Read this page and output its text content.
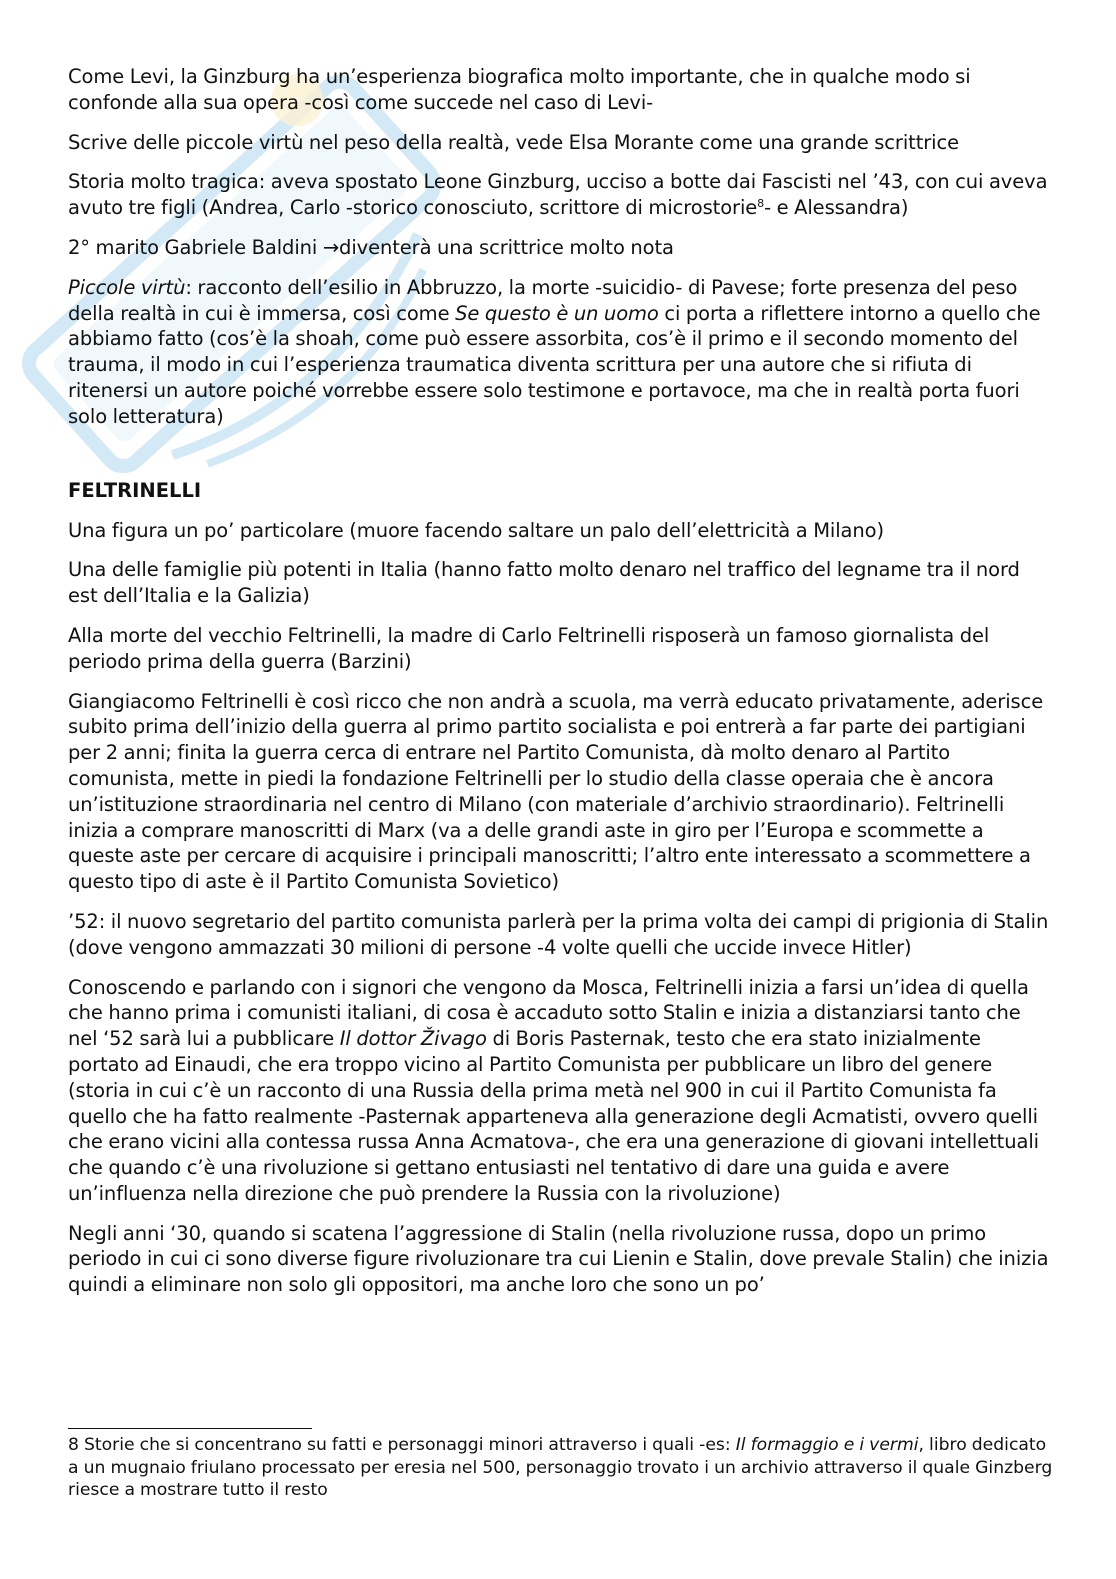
Come Levi, la Ginzburg ha un’esperienza biografica molto importante, che in qualche modo si confonde alla sua opera -così come succede nel caso di Levi-

Scrive delle piccole virtù nel peso della realtà, vede Elsa Morante come una grande scrittrice

Storia molto tragica: aveva spostato Leone Ginzburg, ucciso a botte dai Fascisti nel ’43, con cui aveva avuto tre figli (Andrea, Carlo -storico conosciuto, scrittore di microstorie$^8$- e Alessandra)

2° marito Gabriele Baldini →diventerà una scrittrice molto nota

Piccole virtù: racconto dell’esilio in Abbruzzo, la morte -suicidio- di Pavese; forte presenza del peso della realtà in cui è immersa, così come Se questo è un uomo ci porta a riflettere intorno a quello che abbiamo fatto (cos’è la shoah, come può essere assorbita, cos’è il primo e il secondo momento del trauma, il modo in cui l’esperienza traumatica diventa scrittura per una autore che si rifiuta di ritenersi un autore poiché vorrebbe essere solo testimone e portavoce, ma che in realtà porta fuori solo letteratura)

FELTRINELLI

Una figura un po’ particolare (muore facendo saltare un palo dell’elettricità a Milano)

Una delle famiglie più potenti in Italia (hanno fatto molto denaro nel traffico del legname tra il nord est dell’Italia e la Galizia)

Alla morte del vecchio Feltrinelli, la madre di Carlo Feltrinelli risposerà un famoso giornalista del periodo prima della guerra (Barzini)

Giangiacomo Feltrinelli è così ricco che non andrà a scuola, ma verrà educato privatamente, aderisce subito prima dell’inizio della guerra al primo partito socialista e poi entrerà a far parte dei partigiani per 2 anni; finita la guerra cerca di entrare nel Partito Comunista, dà molto denaro al Partito comunista, mette in piedi la fondazione Feltrinelli per lo studio della classe operaia che è ancora un’istituzione straordinaria nel centro di Milano (con materiale d’archivio straordinario). Feltrinelli inizia a comprare manoscritti di Marx (va a delle grandi aste in giro per l’Europa e scommette a queste aste per cercare di acquisire i principali manoscritti; l’altro ente interessato a scommettere a questo tipo di aste è il Partito Comunista Sovietico)

’52: il nuovo segretario del partito comunista parlerà per la prima volta dei campi di prigionia di Stalin (dove vengono ammazzati 30 milioni di persone -4 volte quelli che uccide invece Hitler)

Conoscendo e parlando con i signori che vengono da Mosca, Feltrinelli inizia a farsi un’idea di quella che hanno prima i comunisti italiani, di cosa è accaduto sotto Stalin e inizia a distanziarsi tanto che nel ‘52 sarà lui a pubblicare Il dottor Živago di Boris Pasternak, testo che era stato inizialmente portato ad Einaudi, che era troppo vicino al Partito Comunista per pubblicare un libro del genere (storia in cui c’è un racconto di una Russia della prima metà nel 900 in cui il Partito Comunista fa quello che ha fatto realmente -Pasternak apparteneva alla generazione degli Acmatisti, ovvero quelli che erano vicini alla contessa russa Anna Acmatova-, che era una generazione di giovani intellettuali che quando c’è una rivoluzione si gettano entusiasti nel tentativo di dare una guida e avere un’influenza nella direzione che può prendere la Russia con la rivoluzione)

Negli anni ‘30, quando si scatena l’aggressione di Stalin (nella rivoluzione russa, dopo un primo periodo in cui ci sono diverse figure rivoluzionare tra cui Lienin e Stalin, dove prevale Stalin) che inizia quindi a eliminare non solo gli oppositori, ma anche loro che sono un po’

8 Storie che si concentrano su fatti e personaggi minori attraverso i quali -es: Il formaggio e i vermi, libro dedicato a un mugnaio friulano processato per eresia nel 500, personaggio trovato i un archivio attraverso il quale Ginzberg riesce a mostrare tutto il resto
